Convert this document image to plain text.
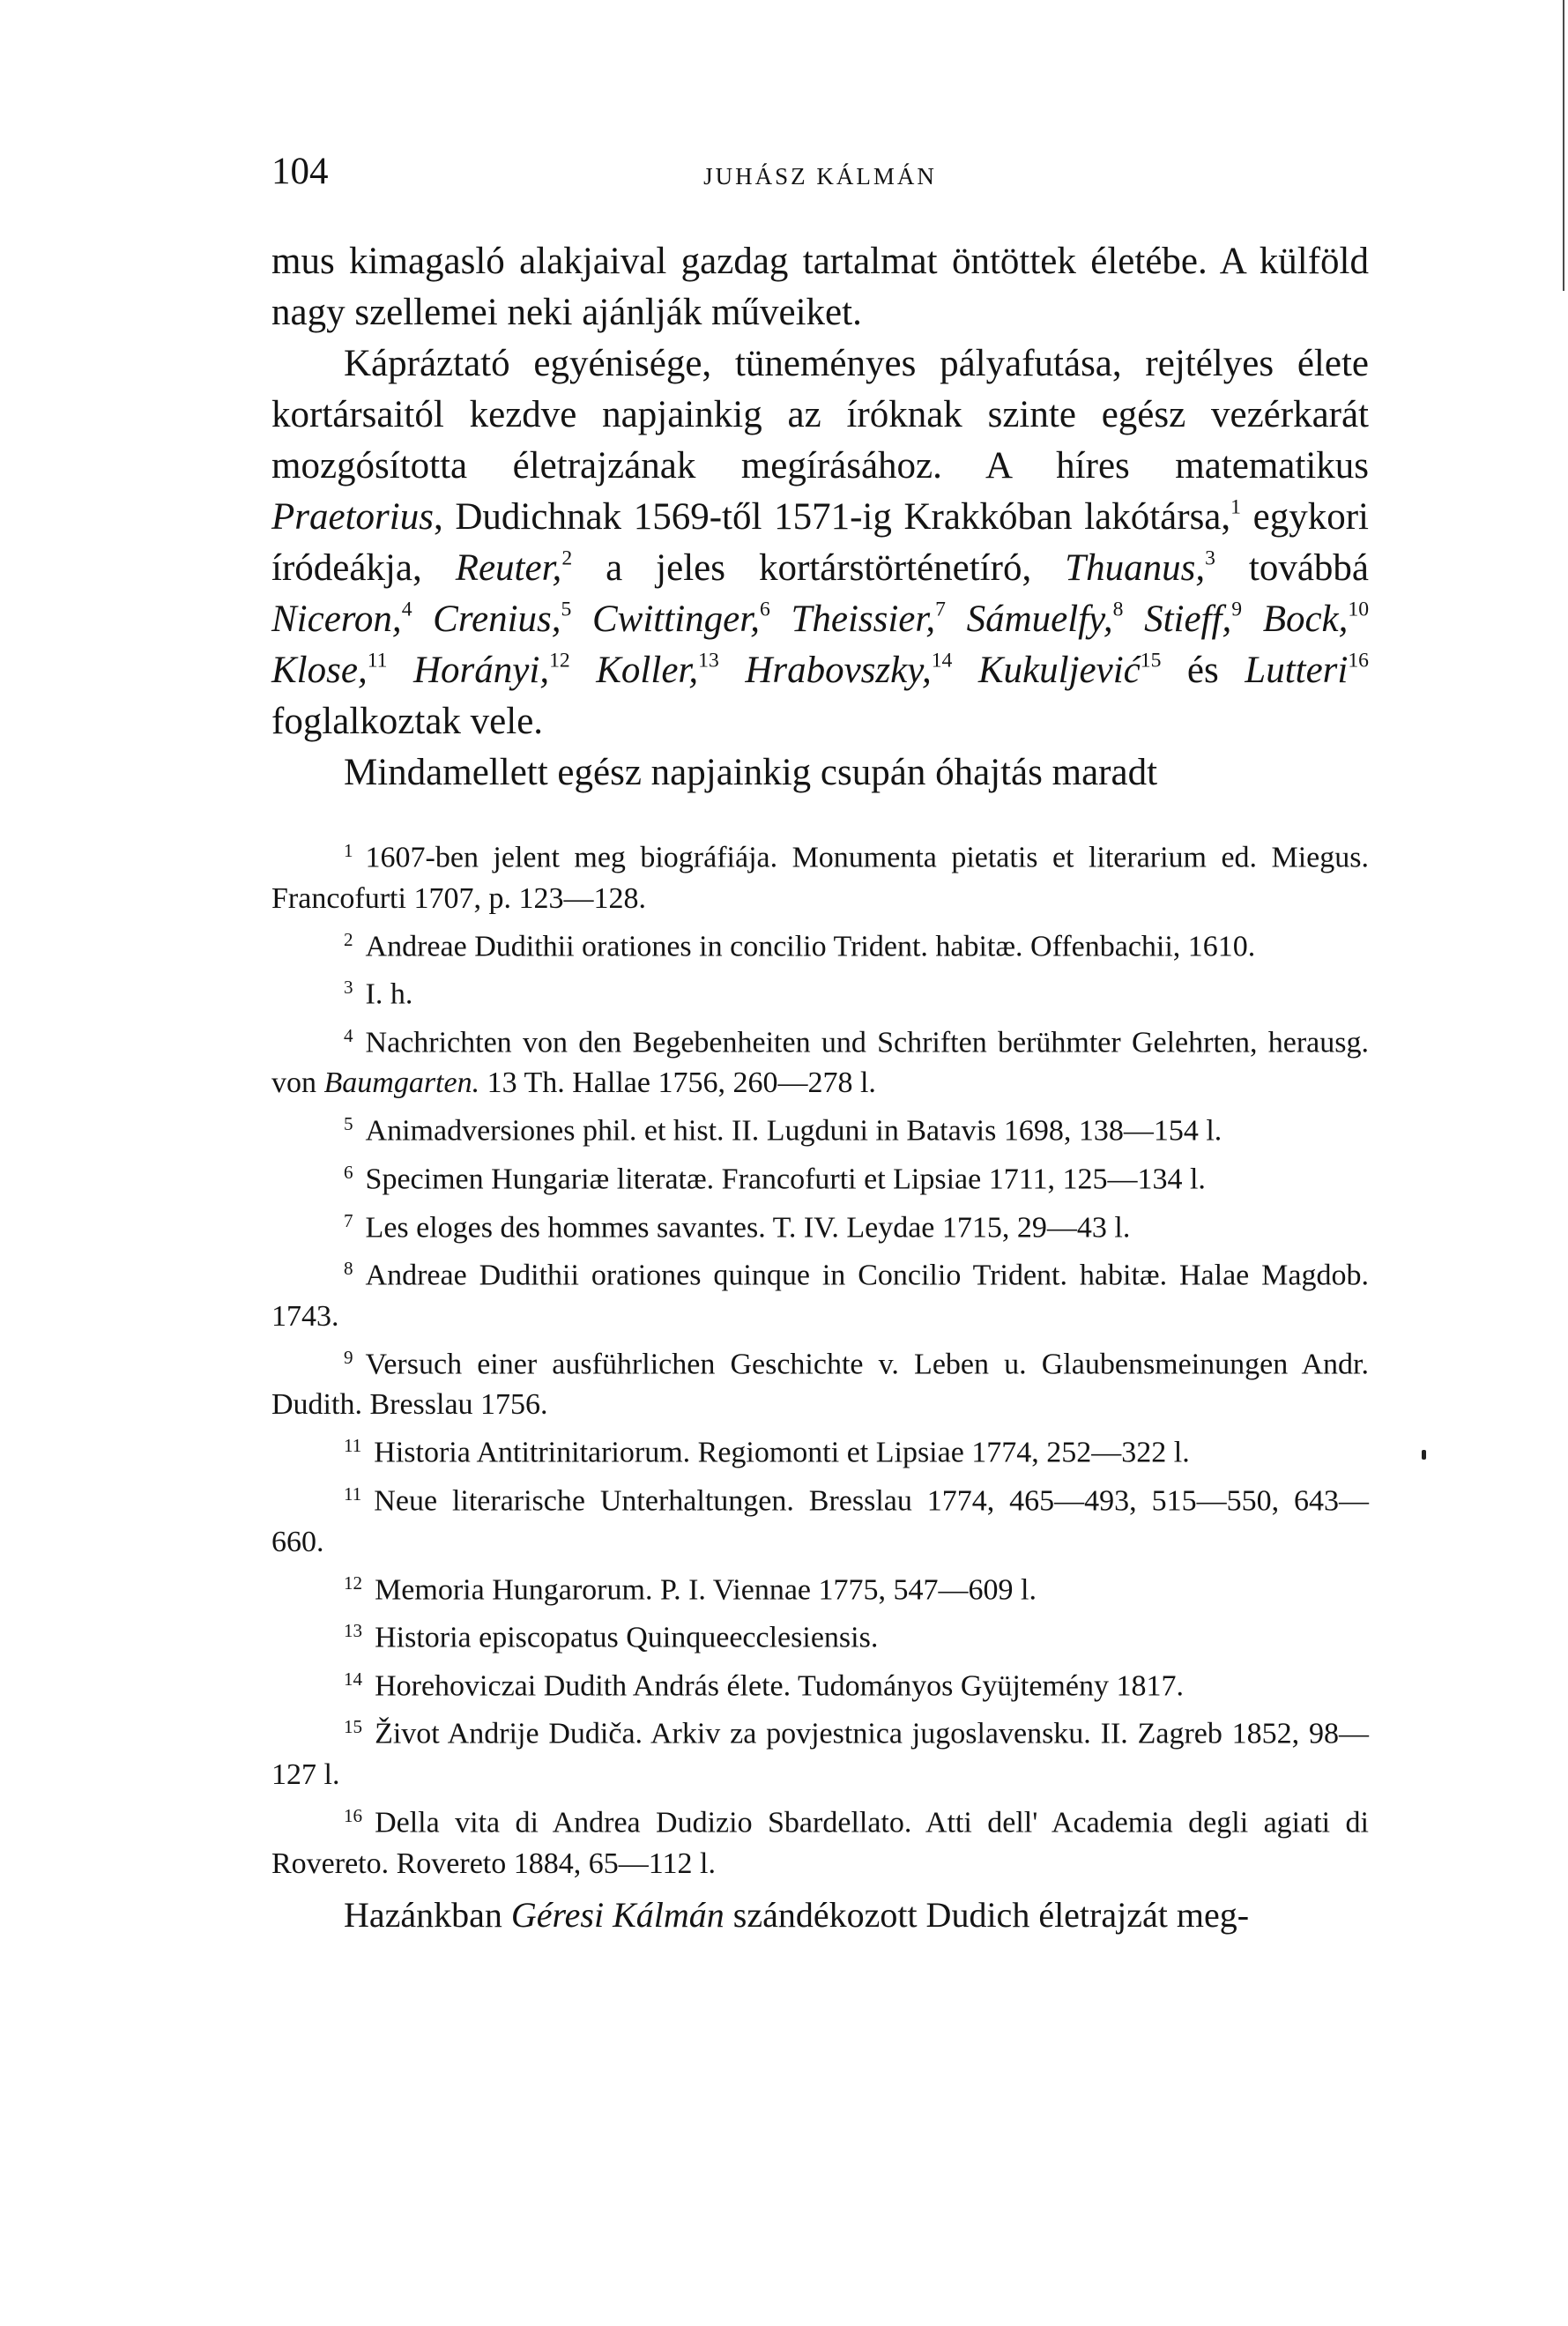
104	JUHÁSZ KÁLMÁN

mus kimagasló alakjaival gazdag tartalmat öntöttek életébe. A külföld nagy szellemei neki ajánlják műveiket.

Kápráztató egyénisége, tüneményes pályafutása, rejtélyes élete kortársaitól kezdve napjainkig az íróknak szinte egész vezérkarát mozgósította életrajzának megírásához. A híres matematikus Praetorius, Dudichnak 1569-től 1571-ig Krakkóban lakótársa,$^1$ egykori íródeákja, Reuter,$^2$ a jeles kortárstörténetíró, Thuanus,$^3$ továbbá Niceron,$^4$ Crenius,$^5$ Cwittinger,$^6$ Theissier,$^7$ Sámuelfy,$^8$ Stieff,$^9$ Bock,$^{10}$ Klose,$^{11}$ Horányi,$^{12}$ Koller,$^{13}$ Hrabovszky,$^{14}$ Kukuljević$^{15}$ és Lutteri$^{16}$ foglalkoztak vele.

Mindamellett egész napjainkig csupán óhajtás maradt

$^1$ 1607-ben jelent meg biográfiája. Monumenta pietatis et literarium ed. Miegus. Francofurti 1707, p. 123—128.

$^2$ Andreae Dudithii orationes in concilio Trident. habitæ. Offenbachii, 1610.

$^3$ I. h.

$^4$ Nachrichten von den Begebenheiten und Schriften berühmter Gelehrten, herausg. von Baumgarten. 13 Th. Hallae 1756, 260—278 l.

$^5$ Animadversiones phil. et hist. II. Lugduni in Batavis 1698, 138—154 l.

$^6$ Specimen Hungariæ literatæ. Francofurti et Lipsiae 1711, 125—134 l.

$^7$ Les eloges des hommes savantes. T. IV. Leydae 1715, 29—43 l.

$^8$ Andreae Dudithii orationes quinque in Concilio Trident. habitæ. Halae Magdob. 1743.

$^9$ Versuch einer ausführlichen Geschichte v. Leben u. Glaubensmeinungen Andr. Dudith. Bresslau 1756.

$^{11}$ Historia Antitrinitariorum. Regiomonti et Lipsiae 1774, 252—322 l.

$^{11}$ Neue literarische Unterhaltungen. Bresslau 1774, 465—493, 515—550, 643—660.

$^{12}$ Memoria Hungarorum. P. I. Viennae 1775, 547—609 l.

$^{13}$ Historia episcopatus Quinqueecclesiensis.

$^{14}$ Horehoviczai Dudith András élete. Tudományos Gyüjtemény 1817.

$^{15}$ Život Andrije Dudiča. Arkiv za povjestnica jugoslavensku. II. Zagreb 1852, 98—127 l.

$^{16}$ Della vita di Andrea Dudizio Sbardellato. Atti dell' Academia degli agiati di Rovereto. Rovereto 1884, 65—112 l.

Hazánkban Géresi Kálmán szándékozott Dudich életrajzát meg-
